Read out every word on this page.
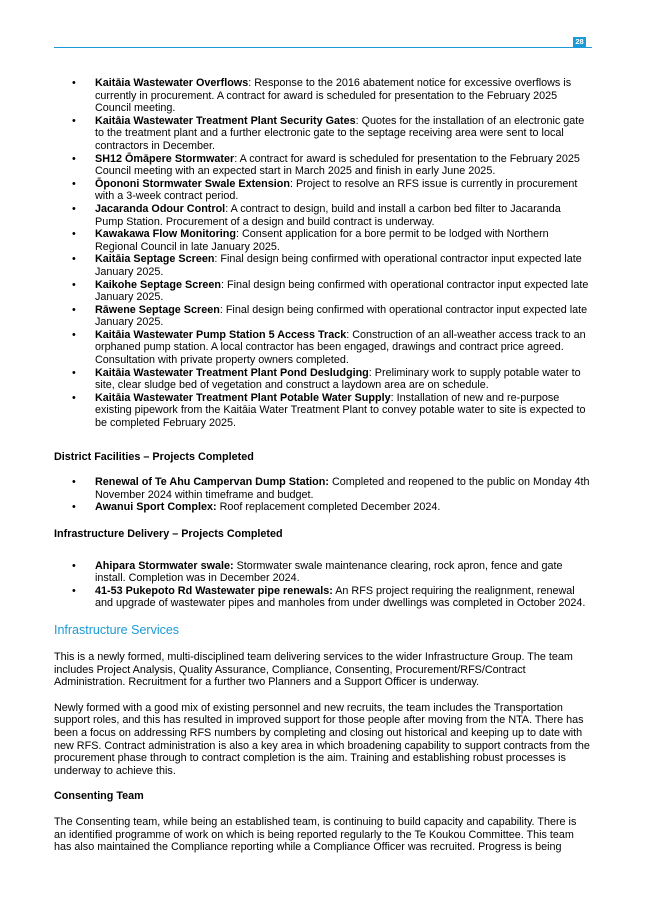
28
• Kaitāia Wastewater Overflows: Response to the 2016 abatement notice for excessive overflows is currently in procurement. A contract for award is scheduled for presentation to the February 2025 Council meeting.
• Kaitāia Wastewater Treatment Plant Security Gates: Quotes for the installation of an electronic gate to the treatment plant and a further electronic gate to the septage receiving area were sent to local contractors in December.
• SH12 Ōmāpere Stormwater: A contract for award is scheduled for presentation to the February 2025 Council meeting with an expected start in March 2025 and finish in early June 2025.
• Ōpononi Stormwater Swale Extension: Project to resolve an RFS issue is currently in procurement with a 3-week contract period.
• Jacaranda Odour Control: A contract to design, build and install a carbon bed filter to Jacaranda Pump Station. Procurement of a design and build contract is underway.
• Kawakawa Flow Monitoring: Consent application for a bore permit to be lodged with Northern Regional Council in late January 2025.
• Kaitāia Septage Screen: Final design being confirmed with operational contractor input expected late January 2025.
• Kaikohe Septage Screen: Final design being confirmed with operational contractor input expected late January 2025.
• Rāwene Septage Screen: Final design being confirmed with operational contractor input expected late January 2025.
• Kaitāia Wastewater Pump Station 5 Access Track: Construction of an all-weather access track to an orphaned pump station. A local contractor has been engaged, drawings and contract price agreed. Consultation with private property owners completed.
• Kaitāia Wastewater Treatment Plant Pond Desludging: Preliminary work to supply potable water to site, clear sludge bed of vegetation and construct a laydown area are on schedule.
• Kaitāia Wastewater Treatment Plant Potable Water Supply: Installation of new and re-purpose existing pipework from the Kaitāia Water Treatment Plant to convey potable water to site is expected to be completed February 2025.

District Facilities – Projects Completed

• Renewal of Te Ahu Campervan Dump Station: Completed and reopened to the public on Monday 4th November 2024 within timeframe and budget.
• Awanui Sport Complex: Roof replacement completed December 2024.

Infrastructure Delivery – Projects Completed

• Ahipara Stormwater swale: Stormwater swale maintenance clearing, rock apron, fence and gate install. Completion was in December 2024.
• 41-53 Pukepoto Rd Wastewater pipe renewals: An RFS project requiring the realignment, renewal and upgrade of wastewater pipes and manholes from under dwellings was completed in October 2024.
Infrastructure Services

This is a newly formed, multi-disciplined team delivering services to the wider Infrastructure Group. The team includes Project Analysis, Quality Assurance, Compliance, Consenting, Procurement/RFS/Contract Administration. Recruitment for a further two Planners and a Support Officer is underway.

Newly formed with a good mix of existing personnel and new recruits, the team includes the Transportation support roles, and this has resulted in improved support for those people after moving from the NTA. There has been a focus on addressing RFS numbers by completing and closing out historical and keeping up to date with new RFS. Contract administration is also a key area in which broadening capability to support contracts from the procurement phase through to contract completion is the aim. Training and establishing robust processes is underway to achieve this.

Consenting Team

The Consenting team, while being an established team, is continuing to build capacity and capability. There is an identified programme of work on which is being reported regularly to the Te Koukou Committee. This team has also maintained the Compliance reporting while a Compliance Officer was recruited. Progress is being
